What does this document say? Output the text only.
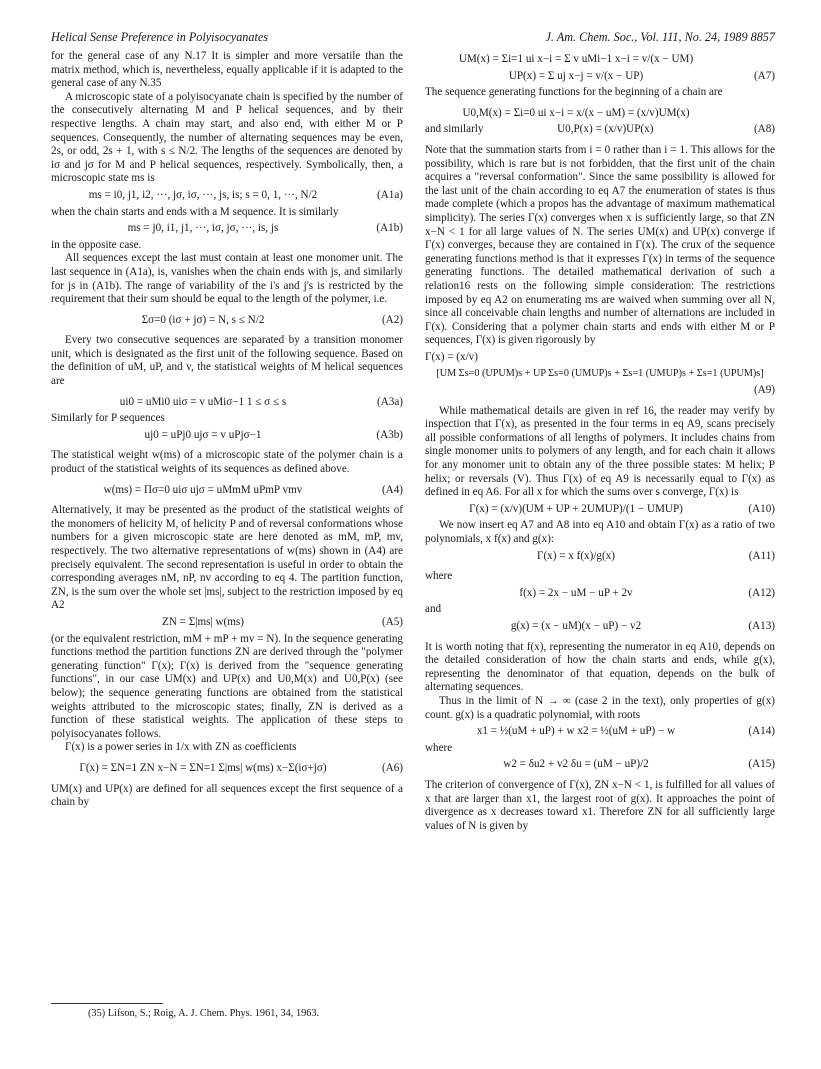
Helical Sense Preference in Polyisocyanates	J. Am. Chem. Soc., Vol. 111, No. 24, 1989 8857

for the general case of any N.17 It is simpler and more versatile than the matrix method, which is, nevertheless, equally applicable if it is adapted to the general case of any N.35

A microscopic state of a polyisocyanate chain is specified by the number of the consecutively alternating M and P helical sequences, and by their respective lengths. A chain may start, and also end, with either M or P sequences. Consequently, the number of alternating sequences may be even, 2s, or odd, 2s + 1, with s ≤ N/2. The lengths of the sequences are denoted by iσ and jσ for M and P helical sequences, respectively. Symbolically, then, a microscopic state ms is

ms = i0, j1, i2, ···, jσ, iσ, ···, js, is; s = 0, 1, ···, N/2	(A1a)

when the chain starts and ends with a M sequence. It is similarly

ms = j0, i1, j1, ···, iσ, jσ, ···, is, js	(A1b)

in the opposite case.

All sequences except the last must contain at least one monomer unit. The last sequence in (A1a), is, vanishes when the chain ends with js, and similarly for js in (A1b). The range of variability of the i's and j's is restricted by the requirement that their sum should be equal to the length of the polymer, i.e.

Σσ=0 (iσ + jσ) = N, s ≤ N/2	(A2)

Every two consecutive sequences are separated by a transition monomer unit, which is designated as the first unit of the following sequence. Based on the definition of uM, uP, and v, the statistical weights of M helical sequences are

ui0 = uMi0 uiσ = v uMiσ−1 1 ≤ σ ≤ s	(A3a)

Similarly for P sequences

uj0 = uPj0 ujσ = v uPjσ−1	(A3b)

The statistical weight w(ms) of a microscopic state of the polymer chain is a product of the statistical weights of its sequences as defined above.

w(ms) = Πσ=0 uiσ ujσ = uMmM uPmP vmv	(A4)

Alternatively, it may be presented as the product of the statistical weights of the monomers of helicity M, of helicity P and of reversal conformations whose numbers for a given microscopic state are here denoted as mM, mP, mv, respectively. The two alternative representations of w(ms) shown in (A4) are precisely equivalent. The second representation is useful in order to obtain the corresponding averages nM, nP, nv according to eq 4. The partition function, ZN, is the sum over the whole set |ms|, subject to the restriction imposed by eq A2

ZN = Σ|ms| w(ms)	(A5)

(or the equivalent restriction, mM + mP + mv = N). In the sequence generating functions method the partition functions ZN are derived through the "polymer generating function" Γ(x); Γ(x) is derived from the "sequence generating functions", in our case UM(x) and UP(x) and U0,M(x) and U0,P(x) (see below); the sequence generating functions are obtained from the statistical weights attributed to the microscopic states; finally, ZN is derived as a function of these statistical weights. The application of these steps to polyisocyanates follows.

Γ(x) is a power series in 1/x with ZN as coefficients

Γ(x) = ΣN=1 ZN x−N = ΣN=1 Σ|ms| w(ms) x−Σ(iσ+jσ)	(A6)

UM(x) and UP(x) are defined for all sequences except the first sequence of a chain by

UM(x) = Σi=1 ui x−i = Σ v uMi−1 x−i = v/(x − UM)
UP(x) = Σ uj x−j = v/(x − UP)	(A7)

The sequence generating functions for the beginning of a chain are

U0,M(x) = Σi=0 ui x−i = x/(x − uM) = (x/v)UM(x)
and similarly	U0,P(x) = (x/v)UP(x)	(A8)

Note that the summation starts from i = 0 rather than i = 1. This allows for the possibility, which is rare but is not forbidden, that the first unit of the chain acquires a "reversal conformation". Since the same possibility is allowed for the last unit of the chain according to eq A7 the enumeration of states is thus made complete (which a propos has the advantage of maximum mathematical simplicity). The series Γ(x) converges when x is sufficiently large, so that ZN x−N < 1 for all large values of N. The series UM(x) and UP(x) converge if Γ(x) converges, because they are contained in Γ(x). The crux of the sequence generating functions method is that it expresses Γ(x) in terms of the sequence generating functions. The detailed mathematical derivation of such a relation16 rests on the following simple consideration: The restrictions imposed by eq A2 on enumerating ms are waived when summing over all N, since all conceivable chain lengths and number of alternations are included in Γ(x). Considering that a polymer chain starts and ends with either M or P sequences, Γ(x) is given rigorously by

Γ(x) = (x/v)
[UM Σs=0 (UPUM)s + UP Σs=0 (UMUP)s + Σs=1 (UMUP)s + Σs=1 (UPUM)s]
(A9)

While mathematical details are given in ref 16, the reader may verify by inspection that Γ(x), as presented in the four terms in eq A9, scans precisely all possible conformations of all lengths of polymers. It includes chains from single monomer units to polymers of any length, and for each chain it allows for any monomer unit to obtain any of the three possible states: M helix; P helix; or reversals (V). Thus Γ(x) of eq A9 is necessarily equal to Γ(x) as defined in eq A6. For all x for which the sums over s converge, Γ(x) is

Γ(x) = (x/v)(UM + UP + 2UMUP)/(1 − UMUP)	(A10)

We now insert eq A7 and A8 into eq A10 and obtain Γ(x) as a ratio of two polynomials, x f(x) and g(x):

Γ(x) = x f(x)/g(x)	(A11)

where

f(x) = 2x − uM − uP + 2v	(A12)

and

g(x) = (x − uM)(x − uP) − v2	(A13)

It is worth noting that f(x), representing the numerator in eq A10, depends on the detailed consideration of how the chain starts and ends, while g(x), representing the denominator of that equation, depends on the bulk of alternating sequences.

Thus in the limit of N → ∞ (case 2 in the text), only properties of g(x) count. g(x) is a quadratic polynomial, with roots

x1 = ½(uM + uP) + w x2 = ½(uM + uP) − w	(A14)

where

w2 = δu2 + v2 δu = (uM − uP)/2	(A15)

The criterion of convergence of Γ(x), ZN x−N < 1, is fulfilled for all values of x that are larger than x1, the largest root of g(x). It approaches the point of divergence as x decreases toward x1. Therefore ZN for all sufficiently large values of N is given by

(35) Lifson, S.; Roig, A. J. Chem. Phys. 1961, 34, 1963.
